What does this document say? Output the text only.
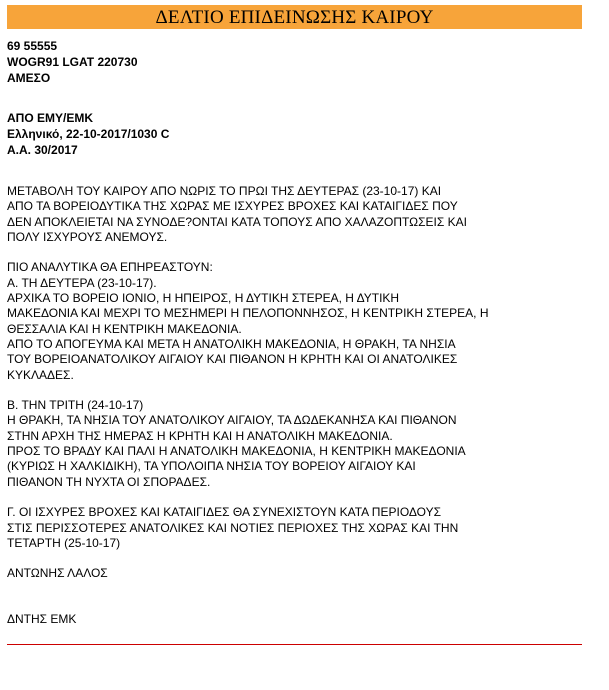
ΔΕΛΤΙΟ ΕΠΙΔΕΙΝΩΣΗΣ ΚΑΙΡΟΥ
69 55555
WOGR91 LGAT 220730
ΑΜΕΣΟ
ΑΠΟ ΕΜΥ/ΕΜΚ
Ελληνικό, 22-10-2017/1030 C
Α.Α. 30/2017
ΜΕΤΑΒΟΛΗ ΤΟΥ ΚΑΙΡΟΥ ΑΠΟ ΝΩΡΙΣ ΤΟ ΠΡΩΙ ΤΗΣ ΔΕΥΤΕΡΑΣ (23-10-17) ΚΑΙ
ΑΠΟ ΤΑ ΒΟΡΕΙΟΔΥΤΙΚΑ ΤΗΣ ΧΩΡΑΣ ΜΕ ΙΣΧΥΡΕΣ ΒΡΟΧΕΣ ΚΑΙ ΚΑΤΑΙΓΙΔΕΣ ΠΟΥ
ΔΕΝ ΑΠΟΚΛΕΙΕΤΑΙ ΝΑ ΣΥΝΟΔΕ?ΟΝΤΑΙ ΚΑΤΑ ΤΟΠΟΥΣ ΑΠΟ ΧΑΛΑΖΟΠΤΩΣΕΙΣ ΚΑΙ
ΠΟΛΥ ΙΣΧΥΡΟΥΣ ΑΝΕΜΟΥΣ.
ΠΙΟ ΑΝΑΛΥΤΙΚΑ ΘΑ ΕΠΗΡΕΑΣΤΟΥΝ:
Α. ΤΗ ΔΕΥΤΕΡΑ (23-10-17).
ΑΡΧΙΚΑ ΤΟ ΒΟΡΕΙΟ ΙΟΝΙΟ, Η ΗΠΕΙΡΟΣ, Η ΔΥΤΙΚΗ ΣΤΕΡΕΑ, Η ΔΥΤΙΚΗ
ΜΑΚΕΔΟΝΙΑ ΚΑΙ ΜΕΧΡΙ ΤΟ ΜΕΣΗΜΕΡΙ Η ΠΕΛΟΠΟΝΝΗΣΟΣ, Η ΚΕΝΤΡΙΚΗ ΣΤΕΡΕΑ, Η
ΘΕΣΣΑΛΙΑ ΚΑΙ Η ΚΕΝΤΡΙΚΗ ΜΑΚΕΔΟΝΙΑ.
ΑΠΟ ΤΟ ΑΠΟΓΕΥΜΑ ΚΑΙ ΜΕΤΑ Η ΑΝΑΤΟΛΙΚΗ ΜΑΚΕΔΟΝΙΑ, Η ΘΡΑΚΗ, ΤΑ ΝΗΣΙΑ
ΤΟΥ ΒΟΡΕΙΟΑΝΑΤΟΛΙΚΟΥ ΑΙΓΑΙΟΥ ΚΑΙ ΠΙΘΑΝΟΝ Η ΚΡΗΤΗ ΚΑΙ ΟΙ ΑΝΑΤΟΛΙΚΕΣ
ΚΥΚΛΑΔΕΣ.
Β. ΤΗΝ ΤΡΙΤΗ (24-10-17)
Η ΘΡΑΚΗ, ΤΑ ΝΗΣΙΑ ΤΟΥ ΑΝΑΤΟΛΙΚΟΥ ΑΙΓΑΙΟΥ, ΤΑ ΔΩΔΕΚΑΝΗΣΑ ΚΑΙ ΠΙΘΑΝΟΝ
ΣΤΗΝ ΑΡΧΗ ΤΗΣ ΗΜΕΡΑΣ Η ΚΡΗΤΗ ΚΑΙ Η ΑΝΑΤΟΛΙΚΗ ΜΑΚΕΔΟΝΙΑ.
ΠΡΟΣ ΤΟ ΒΡΑΔΥ ΚΑΙ ΠΑΛΙ Η ΑΝΑΤΟΛΙΚΗ ΜΑΚΕΔΟΝΙΑ, Η ΚΕΝΤΡΙΚΗ ΜΑΚΕΔΟΝΙΑ
(ΚΥΡΙΩΣ Η ΧΑΛΚΙΔΙΚΗ), ΤΑ ΥΠΟΛΟΙΠΑ ΝΗΣΙΑ ΤΟΥ ΒΟΡΕΙΟΥ ΑΙΓΑΙΟΥ ΚΑΙ
ΠΙΘΑΝΟΝ ΤΗ ΝΥΧΤΑ ΟΙ ΣΠΟΡΑΔΕΣ.
Γ. ΟΙ ΙΣΧΥΡΕΣ ΒΡΟΧΕΣ ΚΑΙ ΚΑΤΑΙΓΙΔΕΣ ΘΑ ΣΥΝΕΧΙΣΤΟΥΝ ΚΑΤΑ ΠΕΡΙΟΔΟΥΣ
ΣΤΙΣ ΠΕΡΙΣΣΟΤΕΡΕΣ ΑΝΑΤΟΛΙΚΕΣ ΚΑΙ ΝΟΤΙΕΣ ΠΕΡΙΟΧΕΣ ΤΗΣ ΧΩΡΑΣ ΚΑΙ ΤΗΝ
ΤΕΤΑΡΤΗ (25-10-17)
ΑΝΤΩΝΗΣ ΛΑΛΟΣ
ΔΝΤΗΣ ΕΜΚ
